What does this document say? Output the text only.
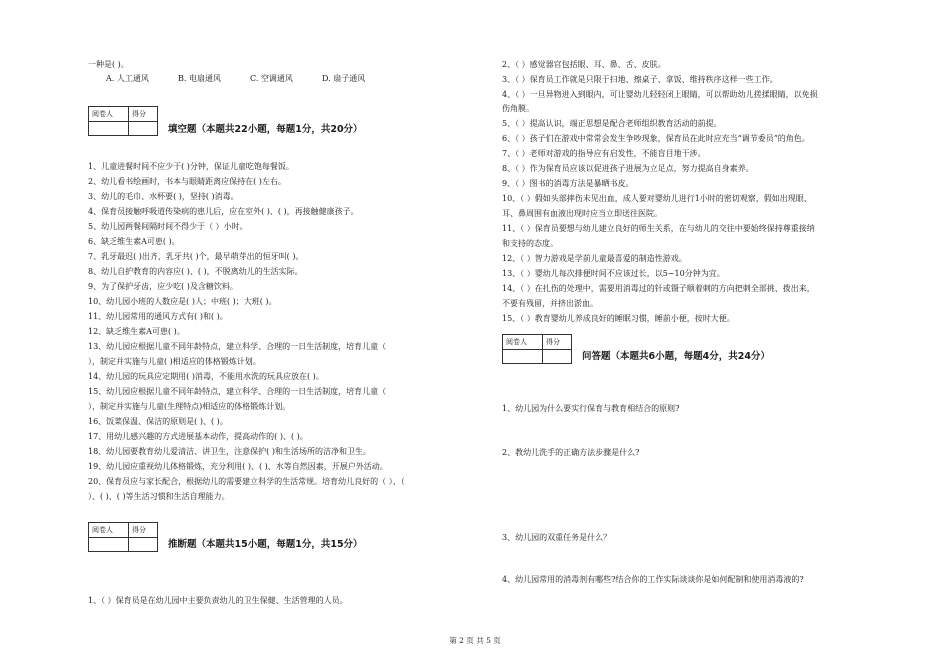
一种是( )。
A. 人工通风	B. 电扇通风	C. 空调通风	D. 扇子通风
阅卷人	得分

填空题（本题共22小题，每题1分，共20分）
1、儿童进餐时间不应少于( )分钟，保证儿童吃饱每餐饭。
2、幼儿看书绘画时，书本与眼睛距离应保持在( )左右。
3、幼儿的毛巾、水杯要( )，坚持( )消毒。
4、保育员接触呼吸道传染病的患儿后，应在室外( )、( )，再接触健康孩子。
5、幼儿园两餐间隔时间不得少于（ ）小时。
6、缺乏维生素A可患( )。
7、乳牙最迟( )出齐，乳牙共( )个，最早萌芽出的恒牙叫( )。
8、幼儿自护教育的内容应( )、( )，不脱离幼儿的生活实际。
9、为了保护牙齿，应少吃( )及含糖饮料。
10、幼儿园小班的人数应是( )人；中班( )；大班( )。
11、幼儿园常用的通风方式有( )和( )。
12、缺乏维生素A可患( )。
13、幼儿园应根据儿童不同年龄特点，建立科学、合理的一日生活制度，培育儿童（
），制定并实施与儿童( )相适应的体格锻炼计划。
14、幼儿园的玩具应定期用( )消毒，不能用水洗的玩具应放在( )。
15、幼儿园应根据儿童不同年龄特点，建立科学、合理的一日生活制度，培育儿童（
），制定并实施与儿童(生理特点)相适应的体格锻炼计划。
16、饭菜保温、保洁的原则是( )、( )。
17、用幼儿感兴趣的方式进展基本动作，提高动作的( )、( )。
18、幼儿园要教育幼儿爱清洁、讲卫生，注意保护( )和生活场所的洁净和卫生。
19、幼儿园应重视幼儿体格锻炼，充分利用( )、( )、水等自然因素，开展户外活动。
20、保育员应与家长配合，根据幼儿的需要建立科学的生活常规。培育幼儿良好的（ ）、（
）、( )、( )等生活习惯和生活自理能力。
阅卷人	得分

推断题（本题共15小题，每题1分，共15分）
1、（ ）保育员是在幼儿园中主要负责幼儿的卫生保健、生活管理的人员。
2、（ ）感觉器官包括眼、耳、鼻、舌、皮肤。
3、（ ）保育员工作就是只限于扫地、擦桌子、拿饭、维持秩序这样一些工作。
4、（ ）一旦异物进入到眼内，可让婴幼儿轻轻闭上眼睛，可以帮助幼儿搓揉眼睛，以免损
伤角膜。
5、（ ）提高认识，端正思想是配合老师组织教育活动的前提。
6、（ ）孩子们在游戏中常常会发生争吵现象，保育员在此时应充当“调节委员”的角色。
7、（ ）老师对游戏的指导应有启发性，不能盲目地干涉。
8、（ ）作为保育员应该以促进孩子进展为立足点，努力提高自身素养。
9、（ ）图书的消毒方法是暴晒书皮。
10、（ ）假如头部摔伤未见出血，成人要对婴幼儿进行1小时的密切观察，假如出现眼、
耳、鼻周围有血液出现时应当立即送往医院。
11、（ ）保育员要想与幼儿建立良好的师生关系，在与幼儿的交往中要始终保持尊重接纳
和支持的态度。
12、（ ）智力游戏是学前儿童最喜爱的制造性游戏。
13、（ ）婴幼儿每次排便时间不应该过长，以5~10分钟为宜。
14、（ ）在扎伤的处理中，需要用消毒过的针或镊子顺着刺的方向把刺全部挑、拨出来，
不要有残留，并挤出淤血。
15、（ ）教育婴幼儿养成良好的睡眠习惯，睡前小便，按时大便。
阅卷人	得分

问答题（本题共6小题，每题4分，共24分）
1、幼儿园为什么要实行保育与教育相结合的原则?
2、教幼儿洗手的正确方法步骤是什么?
3、幼儿园的双重任务是什么？
4、幼儿园常用的消毒剂有哪些?结合你的工作实际谈谈你是如何配制和使用消毒液的?
第 2 页 共 5 页
